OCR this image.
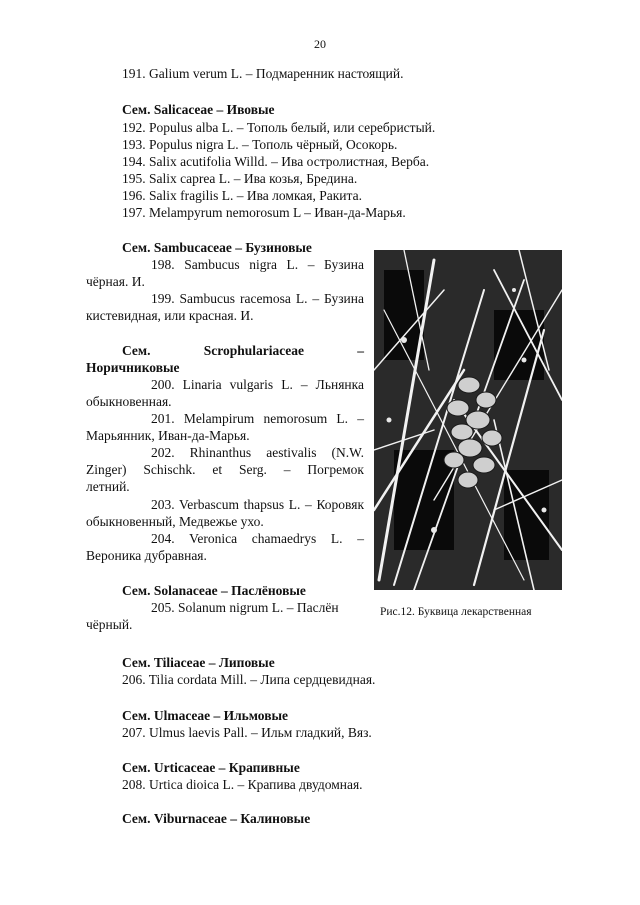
20
191. Galium verum L. – Подмаренник настоящий.
Сем. Salicaceae – Ивовые
192. Populus alba L. – Тополь белый, или серебристый.
193. Populus nigra L. – Тополь чёрный, Осокорь.
194. Salix acutifolia Willd. – Ива остролистная, Верба.
195. Salix caprea L. – Ива козья, Бредина.
196. Salix fragilis L. – Ива ломкая, Ракита.
197. Melampyrum nemorosum L – Иван-да-Марья.
Сем. Sambucaceae – Бузиновые
198. Sambucus nigra L. – Бузина
чёрная. И.
199. Sambucus racemosa L. – Бузина
кистевидная, или красная. И.
Сем. Scrophulariaceae –
Норичниковые
200. Linaria vulgaris L. – Льнянка
обыкновенная.
201. Melampirum nemorosum L. –
Марьянник, Иван-да-Марья.
202. Rhinanthus aestivalis (N.W.
Zinger) Schischk. et Serg. – Погремок
летний.
203. Verbascum thapsus L. – Коровяк
обыкновенный, Медвежье ухо.
204. Veronica chamaedrys L. –
Вероника дубравная.
Сем. Solanaceae – Паслёновые
205. Solanum nigrum L. – Паслён
чёрный.
Сем. Tiliaceae – Липовые
206. Tilia cordata Mill. – Липа сердцевидная.
Сем. Ulmaceae – Ильмовые
207. Ulmus laevis Pall. – Ильм гладкий, Вяз.
Сем. Urticaceae – Крапивные
208. Urtica dioica L. – Крапива двудомная.
Сем. Viburnaceae – Калиновые
Рис.12. Буквица лекарственная
